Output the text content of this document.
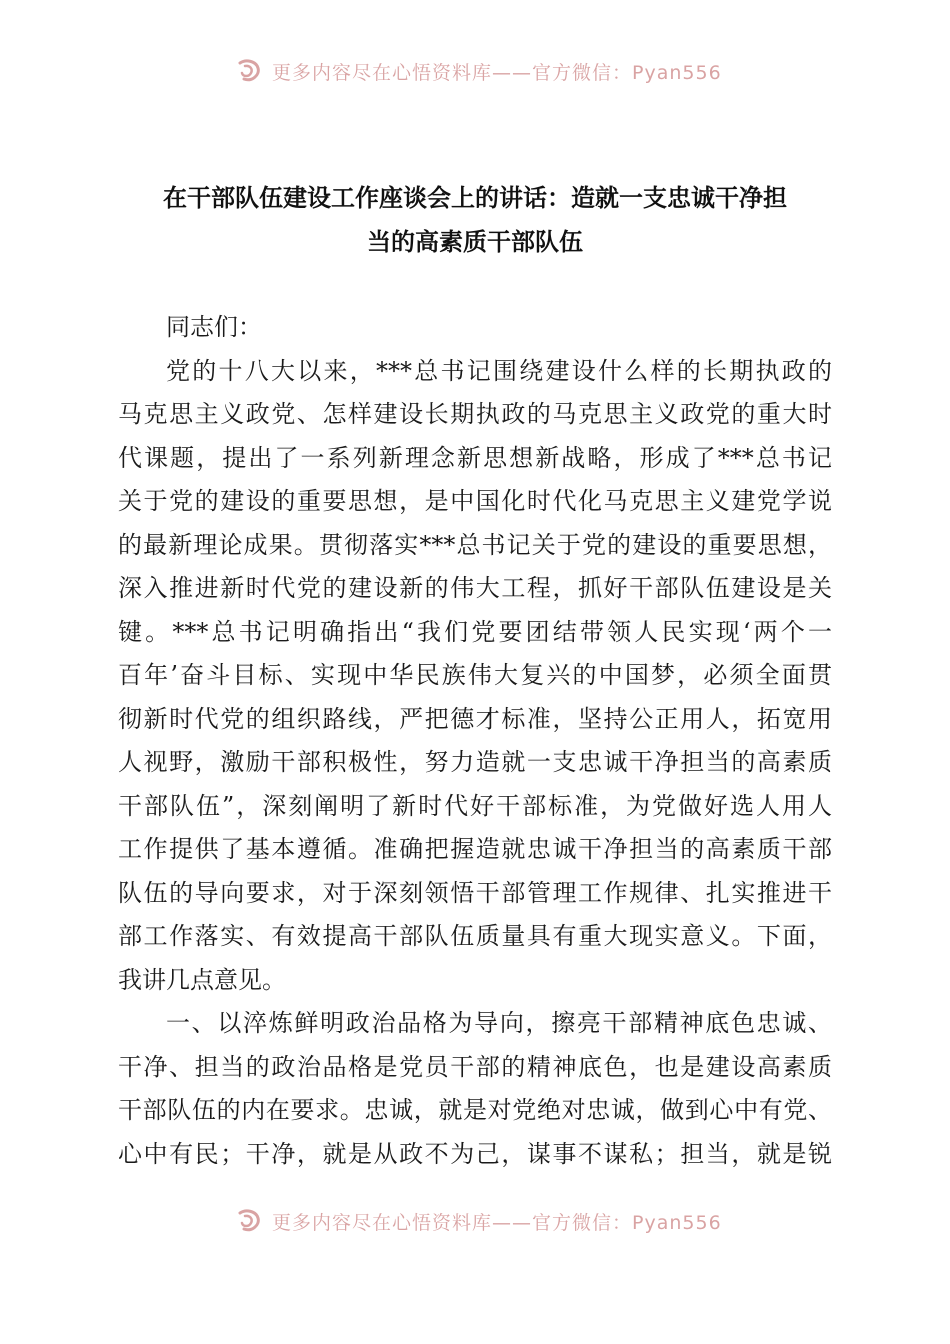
更多内容尽在心悟资料库——官方微信：Pyan556
在干部队伍建设工作座谈会上的讲话：造就一支忠诚干净担
当的高素质干部队伍
同志们：
党的十八大以来，***总书记围绕建设什么样的长期执政的
马克思主义政党、怎样建设长期执政的马克思主义政党的重大时
代课题，提出了一系列新理念新思想新战略，形成了***总书记
关于党的建设的重要思想，是中国化时代化马克思主义建党学说
的最新理论成果。贯彻落实***总书记关于党的建设的重要思想，
深入推进新时代党的建设新的伟大工程，抓好干部队伍建设是关
键。***总书记明确指出“我们党要团结带领人民实现‘两个一
百年’奋斗目标、实现中华民族伟大复兴的中国梦，必须全面贯
彻新时代党的组织路线，严把德才标准，坚持公正用人，拓宽用
人视野，激励干部积极性，努力造就一支忠诚干净担当的高素质
干部队伍”，深刻阐明了新时代好干部标准，为党做好选人用人
工作提供了基本遵循。准确把握造就忠诚干净担当的高素质干部
队伍的导向要求，对于深刻领悟干部管理工作规律、扎实推进干
部工作落实、有效提高干部队伍质量具有重大现实意义。下面，
我讲几点意见。
一、以淬炼鲜明政治品格为导向，擦亮干部精神底色忠诚、
干净、担当的政治品格是党员干部的精神底色，也是建设高素质
干部队伍的内在要求。忠诚，就是对党绝对忠诚，做到心中有党、
心中有民；干净，就是从政不为己，谋事不谋私；担当，就是锐
更多内容尽在心悟资料库——官方微信：Pyan556
